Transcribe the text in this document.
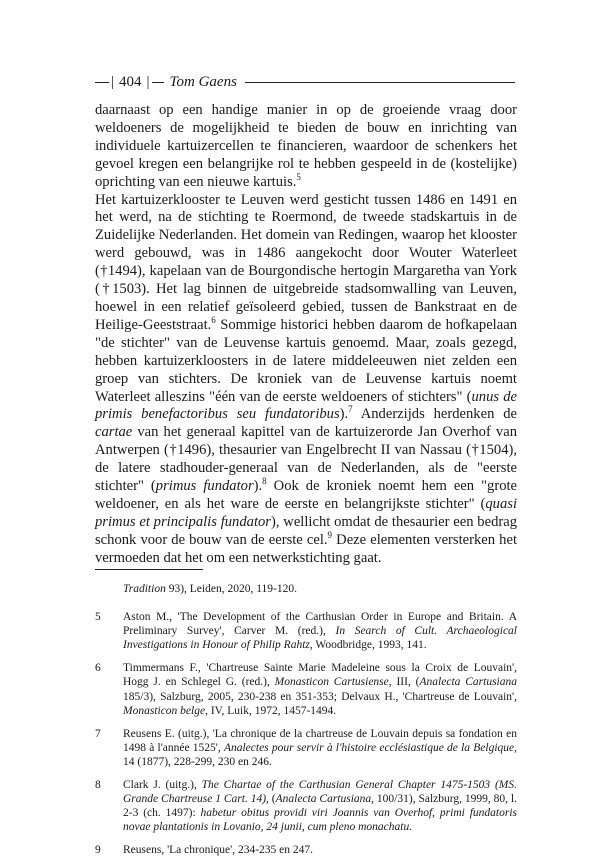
| 404 | Tom Gaens

daarnaast op een handige manier in op de groeiende vraag door weldoeners de mogelijkheid te bieden de bouw en inrichting van individuele kartuizercellen te financieren, waardoor de schenkers het gevoel kregen een belangrijke rol te hebben gespeeld in de (kostelijke) oprichting van een nieuwe kartuis.$^5$

Het kartuizerklooster te Leuven werd gesticht tussen 1486 en 1491 en het werd, na de stichting te Roermond, de tweede stadskartuis in de Zuidelijke Nederlanden. Het domein van Redingen, waarop het klooster werd gebouwd, was in 1486 aangekocht door Wouter Waterleet (†1494), kapelaan van de Bourgondische hertogin Margaretha van York (†1503). Het lag binnen de uitgebreide stadsomwalling van Leuven, hoewel in een relatief geïsoleerd gebied, tussen de Bankstraat en de Heilige-Geeststraat.$^6$ Sommige historici hebben daarom de hofkapelaan "de stichter" van de Leuvense kartuis genoemd. Maar, zoals gezegd, hebben kartuizerkloosters in de latere middeleeuwen niet zelden een groep van stichters. De kroniek van de Leuvense kartuis noemt Waterleet alleszins "één van de eerste weldoeners of stichters" (unus de primis benefactoribus seu fundatoribus).$^7$ Anderzijds herdenken de cartae van het generaal kapittel van de kartuizerorde Jan Overhof van Antwerpen (†1496), thesaurier van Engelbrecht II van Nassau (†1504), de latere stadhouder-generaal van de Nederlanden, als de "eerste stichter" (primus fundator).$^8$ Ook de kroniek noemt hem een "grote weldoener, en als het ware de eerste en belangrijkste stichter" (quasi primus et principalis fundator), wellicht omdat de thesaurier een bedrag schonk voor de bouw van de eerste cel.$^9$ Deze elementen versterken het vermoeden dat het om een netwerkstichting gaat.

Tradition 93), Leiden, 2020, 119-120.
5	Aston M., 'The Development of the Carthusian Order in Europe and Britain. A Preliminary Survey', Carver M. (red.), In Search of Cult. Archaeological Investigations in Honour of Philip Rahtz, Woodbridge, 1993, 141.
6	Timmermans F., 'Chartreuse Sainte Marie Madeleine sous la Croix de Louvain', Hogg J. en Schlegel G. (red.), Monasticon Cartusiense, III, (Analecta Cartusiana 185/3), Salzburg, 2005, 230-238 en 351-353; Delvaux H., 'Chartreuse de Louvain', Monasticon belge, IV, Luik, 1972, 1457-1494.
7	Reusens E. (uitg.), 'La chronique de la chartreuse de Louvain depuis sa fondation en 1498 à l'année 1525', Analectes pour servir à l'histoire ecclésiastique de la Belgique, 14 (1877), 228-299, 230 en 246.
8	Clark J. (uitg.), The Chartae of the Carthusian General Chapter 1475-1503 (MS. Grande Chartreuse 1 Cart. 14), (Analecta Cartusiana, 100/31), Salzburg, 1999, 80, l. 2-3 (ch. 1497): habetur obitus providi viri Joannis van Overhof, primi fundatoris novae plantationis in Lovanio, 24 junii, cum pleno monachatu.
9	Reusens, 'La chronique', 234-235 en 247.
